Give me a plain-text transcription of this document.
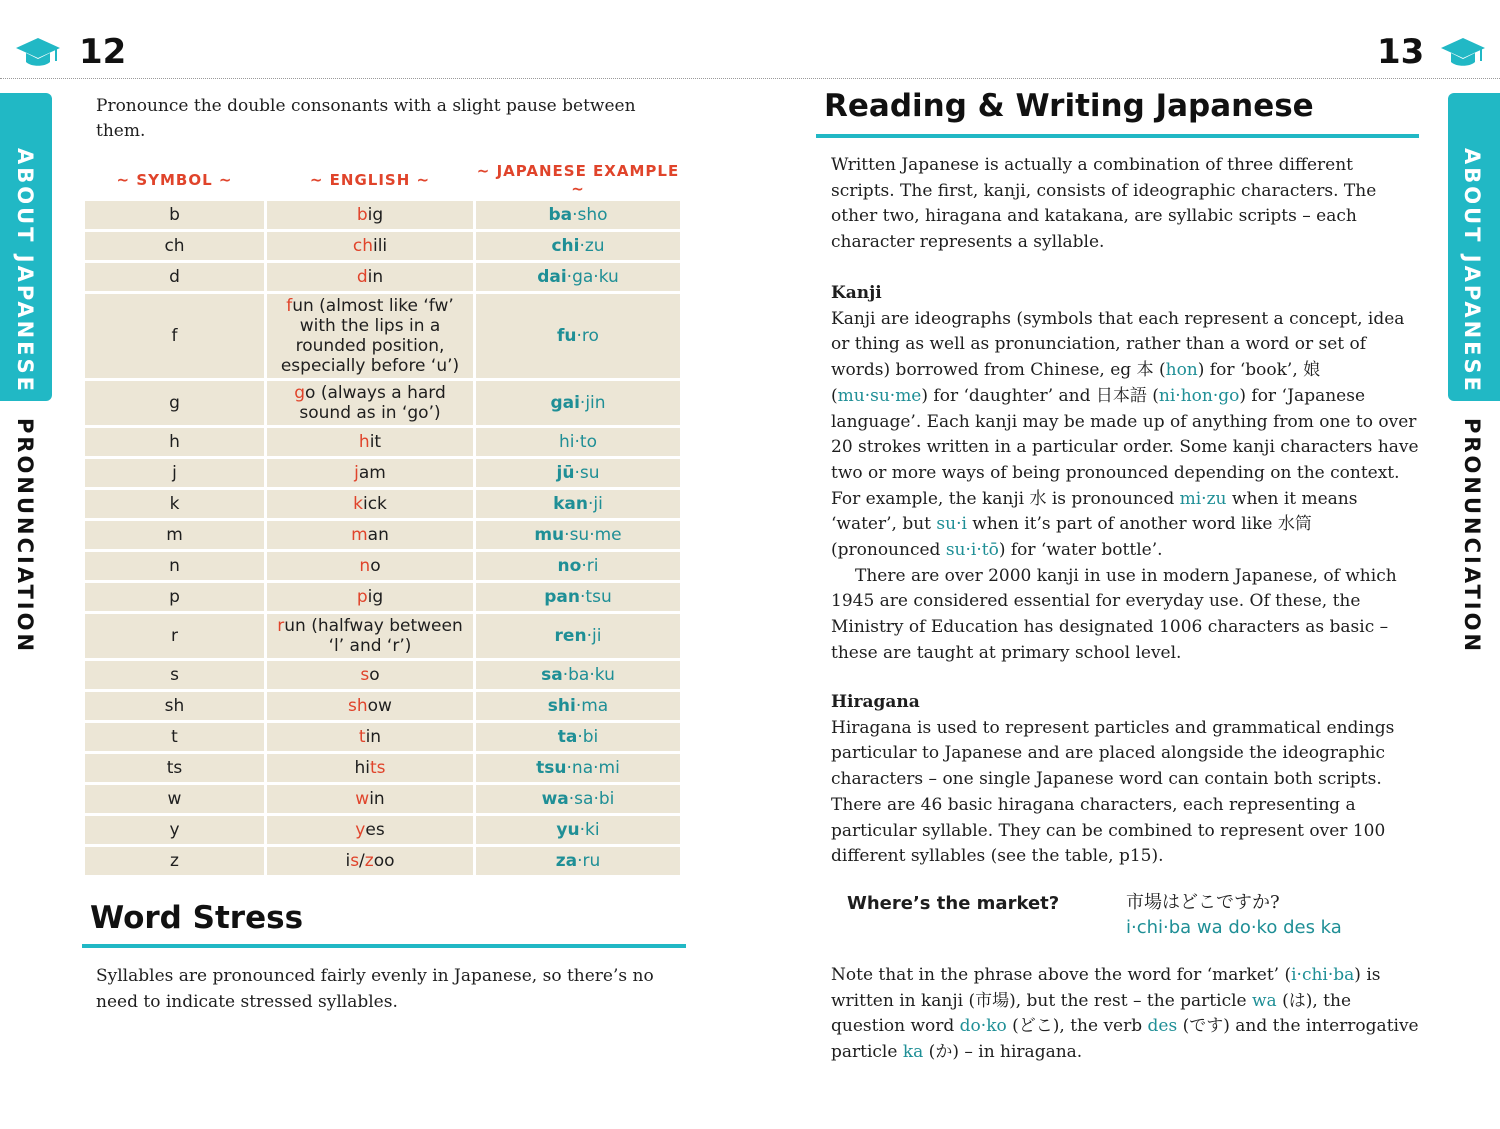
12	13
ABOUT JAPANESE
PRONUNCIATION
ABOUT JAPANESE
PRONUNCIATION
Pronounce the double consonants with a slight pause between them.
~ SYMBOL ~	~ ENGLISH ~	~ JAPANESE EXAMPLE ~
b	big	ba·sho
ch	chili	chi·zu
d	din	dai·ga·ku
f	fun (almost like ‘fw’ with the lips in a rounded position, especially before ‘u’)	fu·ro
g	go (always a hard sound as in ‘go’)	gai·jin
h	hit	hi·to
j	jam	jū·su
k	kick	kan·ji
m	man	mu·su·me
n	no	no·ri
p	pig	pan·tsu
r	run (halfway between ‘l’ and ‘r’)	ren·ji
s	so	sa·ba·ku
sh	show	shi·ma
t	tin	ta·bi
ts	hits	tsu·na·mi
w	win	wa·sa·bi
y	yes	yu·ki
z	is/zoo	za·ru
Word Stress
Syllables are pronounced fairly evenly in Japanese, so there’s no need to indicate stressed syllables.
Reading & Writing Japanese

Written Japanese is actually a combination of three different scripts. The first, kanji, consists of ideographic characters. The other two, hiragana and katakana, are syllabic scripts – each character represents a syllable.

Kanji

Kanji are ideographs (symbols that each represent a concept, idea or thing as well as pronunciation, rather than a word or set of words) borrowed from Chinese, eg 本 (hon) for ‘book’, 娘 (mu·su·me) for ‘daughter’ and 日本語 (ni·hon·go) for ‘Japanese language’. Each kanji may be made up of anything from one to over 20 strokes written in a particular order. Some kanji characters have two or more ways of being pronounced depending on the context. For example, the kanji 水 is pronounced mi·zu when it means ‘water’, but su·i when it’s part of another word like 水筒 (pronounced su·i·tō) for ‘water bottle’.

There are over 2000 kanji in use in modern Japanese, of which 1945 are considered essential for everyday use. Of these, the Ministry of Education has designated 1006 characters as basic – these are taught at primary school level.

Hiragana

Hiragana is used to represent particles and grammatical endings particular to Japanese and are placed alongside the ideographic characters – one single Japanese word can contain both scripts. There are 46 basic hiragana characters, each representing a particular syllable. They can be combined to represent over 100 different syllables (see the table, p15).

Where’s the market?	市場はどこですか?
i·chi·ba wa do·ko des ka

Note that in the phrase above the word for ‘market’ (i·chi·ba) is written in kanji (市場), but the rest – the particle wa (は), the question word do·ko (どこ), the verb des (です) and the interrogative particle ka (か) – in hiragana.
